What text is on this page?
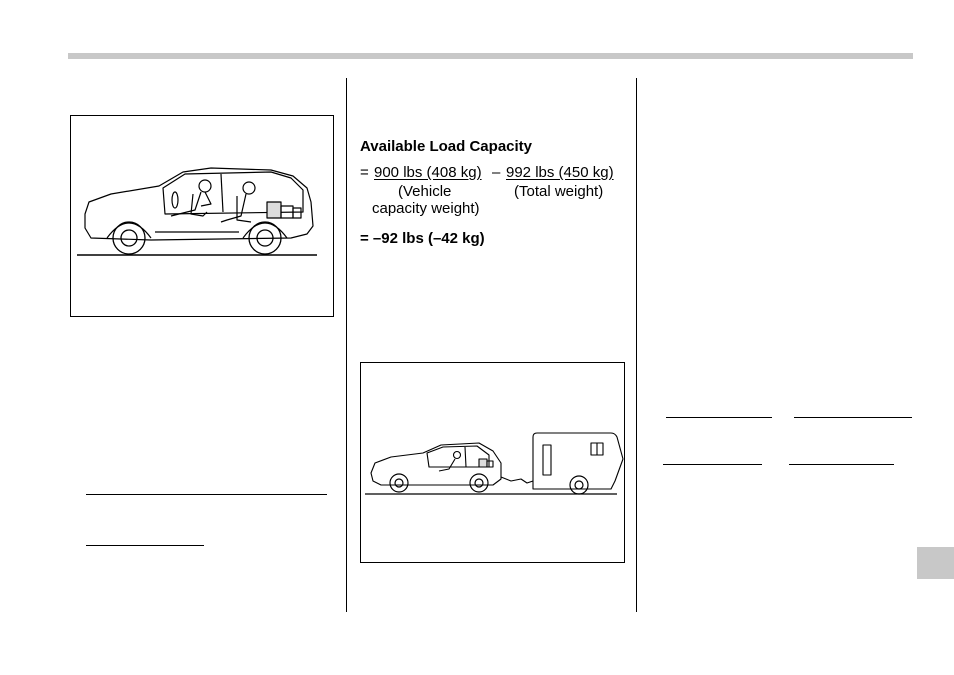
Available Load Capacity
= 900 lbs (408 kg) – 992 lbs (450 kg)
(Vehicle
capacity weight)
(Total weight)
= –92 lbs (–42 kg)
